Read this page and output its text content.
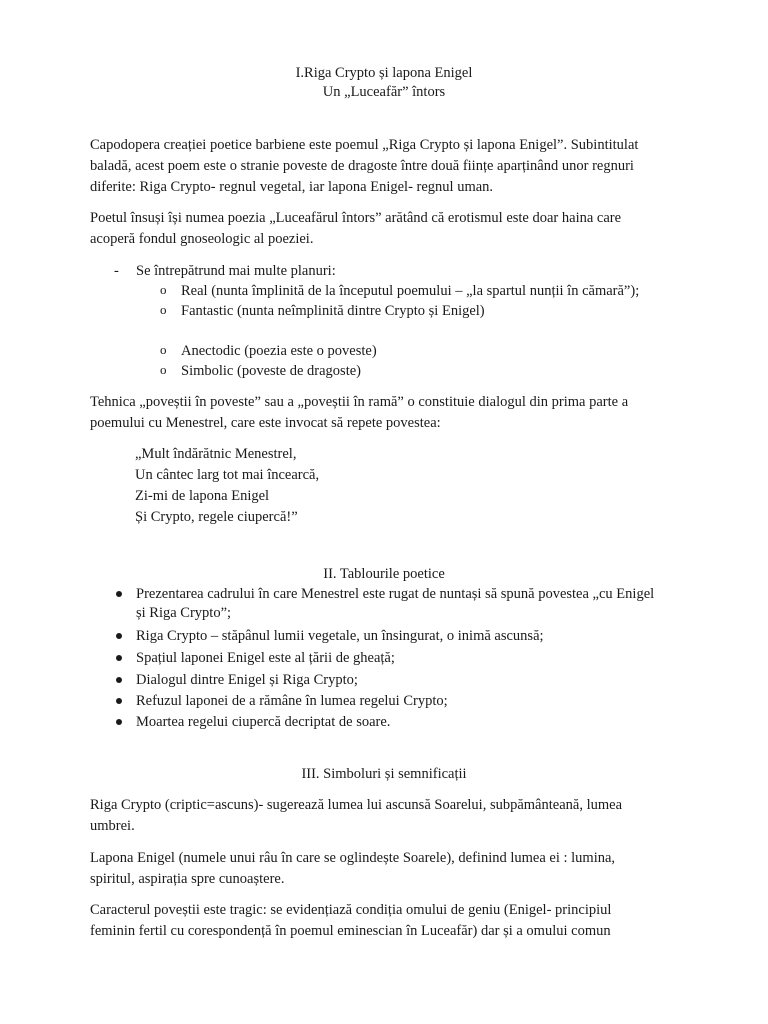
I.Riga Crypto și lapona Enigel
Un „Luceafăr” întors
Capodopera creației poetice barbiene este poemul „Riga Crypto și lapona Enigel”. Subintitulat
baladă, acest poem este o stranie poveste de dragoste între două ființe aparținând unor regnuri
diferite: Riga Crypto- regnul vegetal, iar lapona Enigel- regnul uman.
Poetul însuși își numea poezia „Luceafărul întors” arătând că erotismul este doar haina care
acoperă fondul gnoseologic al poeziei.
- Se întrepătrund mai multe planuri:
o Real (nunta împlinită de la începutul poemului – „la spartul nunții în cămară”);
o Fantastic (nunta neîmplinită dintre Crypto și Enigel)
o Anectodic (poezia este o poveste)
o Simbolic (poveste de dragoste)
Tehnica „poveștii în poveste” sau a „poveștii în ramă” o constituie dialogul din prima parte a
poemului cu Menestrel, care este invocat să repete povestea:
„Mult îndărătnic Menestrel,
Un cântec larg tot mai încearcă,
Zi-mi de lapona Enigel
Și Crypto, regele ciupercă!”
II. Tablourile poetice
Prezentarea cadrului în care Menestrel este rugat de nuntași să spună povestea „cu Enigel
și Riga Crypto”;
Riga Crypto – stăpânul lumii vegetale, un însingurat, o inimă ascunsă;
Spațiul laponei Enigel este al țării de gheață;
Dialogul dintre Enigel și Riga Crypto;
Refuzul laponei de a rămâne în lumea regelui Crypto;
Moartea regelui ciupercă decriptat de soare.
III. Simboluri și semnificații
Riga Crypto (criptic=ascuns)- sugerează lumea lui ascunsă Soarelui, subpământeană, lumea
umbrei.
Lapona Enigel (numele unui râu în care se oglindește Soarele), definind lumea ei : lumina,
spiritul, aspirația spre cunoaștere.
Caracterul poveștii este tragic: se evidențiază condiția omului de geniu (Enigel- principiul
feminin fertil cu corespondență în poemul eminescian în Luceafăr) dar și a omului comun
